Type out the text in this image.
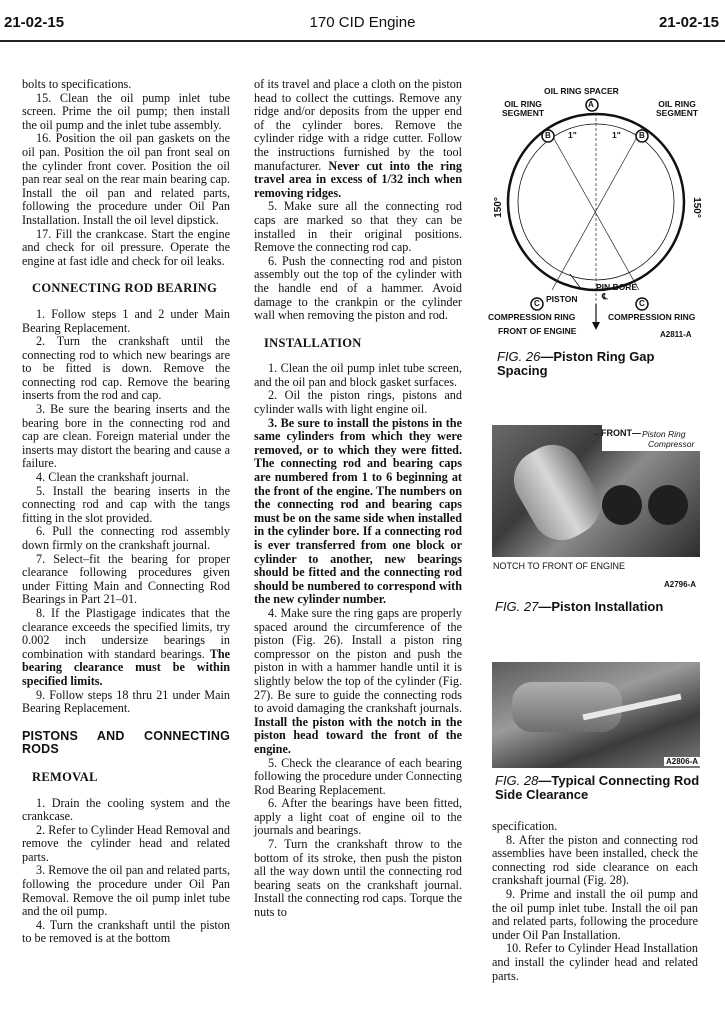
170 CID Engine
21-02-15	21-02-15

bolts to specifications.

15. Clean the oil pump inlet tube screen. Prime the oil pump; then install the oil pump and the inlet tube assembly.

16. Position the oil pan gaskets on the oil pan. Position the oil pan front seal on the cylinder front cover. Position the oil pan rear seal on the rear main bearing cap. Install the oil pan and related parts, following the procedure under Oil Pan Installation. Install the oil level dipstick.

17. Fill the crankcase. Start the engine and check for oil pressure. Operate the engine at fast idle and check for oil leaks.

CONNECTING ROD BEARING

1. Follow steps 1 and 2 under Main Bearing Replacement.

2. Turn the crankshaft until the connecting rod to which new bearings are to be fitted is down. Remove the connecting rod cap. Remove the bearing inserts from the rod and cap.

3. Be sure the bearing inserts and the bearing bore in the connecting rod and cap are clean. Foreign material under the inserts may distort the bearing and cause a failure.

4. Clean the crankshaft journal.

5. Install the bearing inserts in the connecting rod and cap with the tangs fitting in the slot provided.

6. Pull the connecting rod assembly down firmly on the crankshaft journal.

7. Select–fit the bearing for proper clearance following procedures given under Fitting Main and Connecting Rod Bearings in Part 21–01.

8. If the Plastigage indicates that the clearance exceeds the specified limits, try 0.002 inch undersize bearings in combination with standard bearings. The bearing clearance must be within specified limits.

9. Follow steps 18 thru 21 under Main Bearing Replacement.

PISTONS AND CONNECTING RODS
REMOVAL

1. Drain the cooling system and the crankcase.

2. Refer to Cylinder Head Removal and remove the cylinder head and related parts.

3. Remove the oil pan and related parts, following the procedure under Oil Pan Removal. Remove the oil pump inlet tube and the oil pump.

4. Turn the crankshaft until the piston to be removed is at the bottom

of its travel and place a cloth on the piston head to collect the cuttings. Remove any ridge and/or deposits from the upper end of the cylinder bores. Remove the cylinder ridge with a ridge cutter. Follow the instructions furnished by the tool manufacturer. Never cut into the ring travel area in excess of 1/32 inch when removing ridges.

5. Make sure all the connecting rod caps are marked so that they can be installed in their original positions. Remove the connecting rod cap.

6. Push the connecting rod and piston assembly out the top of the cylinder with the handle end of a hammer. Avoid damage to the crankpin or the cylinder wall when removing the piston and rod.

INSTALLATION

1. Clean the oil pump inlet tube screen, and the oil pan and block gasket surfaces.

2. Oil the piston rings, pistons and cylinder walls with light engine oil.

3. Be sure to install the pistons in the same cylinders from which they were removed, or to which they were fitted. The connecting rod and bearing caps are numbered from 1 to 6 beginning at the front of the engine. The numbers on the connecting rod and bearing caps must be on the same side when installed in the cylinder bore. If a connecting rod is ever transferred from one block or cylinder to another, new bearings should be fitted and the connecting rod should be numbered to correspond with the new cylinder number.

4. Make sure the ring gaps are properly spaced around the circumference of the piston (Fig. 26). Install a piston ring compressor on the piston and push the piston in with a hammer handle until it is slightly below the top of the cylinder (Fig. 27). Be sure to guide the connecting rods to avoid damaging the crankshaft journals. Install the piston with the notch in the piston head toward the front of the engine.

5. Check the clearance of each bearing following the procedure under Connecting Rod Bearing Replacement.

6. After the bearings have been fitted, apply a light coat of engine oil to the journals and bearings.

7. Turn the crankshaft throw to the bottom of its stroke, then push the piston all the way down until the connecting rod bearing seats on the crankshaft journal. Install the connecting rod caps. Torque the nuts to

OIL RING SPACER
A
OIL RING
SEGMENT
OIL RING
SEGMENT
B	B
1"	1"
150°	150°
PIN BORE
℄
PISTON
C	C
COMPRESSION RING	COMPRESSION RING
FRONT OF ENGINE	A2811-A
FIG. 26—Piston Ring Gap Spacing
←FRONT— Piston Ring
Compressor
NOTCH TO FRONT OF ENGINE
A2796-A
FIG. 27—Piston Installation
A2806-A
FIG. 28—Typical Connecting Rod Side Clearance

specification.

8. After the piston and connecting rod assemblies have been installed, check the connecting rod side clearance on each crankshaft journal (Fig. 28).

9. Prime and install the oil pump and the oil pump inlet tube. Install the oil pan and related parts, following the procedure under Oil Pan Installation.

10. Refer to Cylinder Head Installation and install the cylinder head and related parts.
